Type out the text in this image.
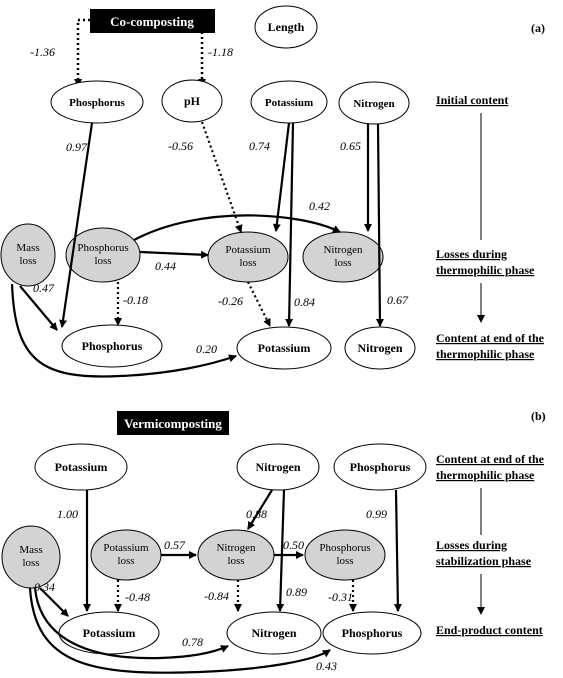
Co-composting	(a)
Length
Phosphorus	pH	Potassium	Nitrogen
Mass
loss
Phosphorus
loss
Potassium
loss
Nitrogen
loss
Phosphorus	Potassium	Nitrogen
-1.36	-1.18
0.97	-0.56	0.74	0.65
0.42
0.47
0.44
-0.18	-0.26	0.84	0.67
0.20
Initial content
Losses during
thermophilic phase
Content at end of the
thermophilic phase
Vermicomposting	(b)
Potassium	Nitrogen	Phosphorus
Mass
loss
Potassium
loss
Nitrogen
loss
Phosphorus
loss
Potassium	Nitrogen	Phosphorus
1.00	0.88	0.99
0.57	0.50
0.34
-0.48	-0.84	0.89 -0.31
0.78
0.43
Content at end of the
thermophilic phase
Losses during
stabilization phase
End-product content
